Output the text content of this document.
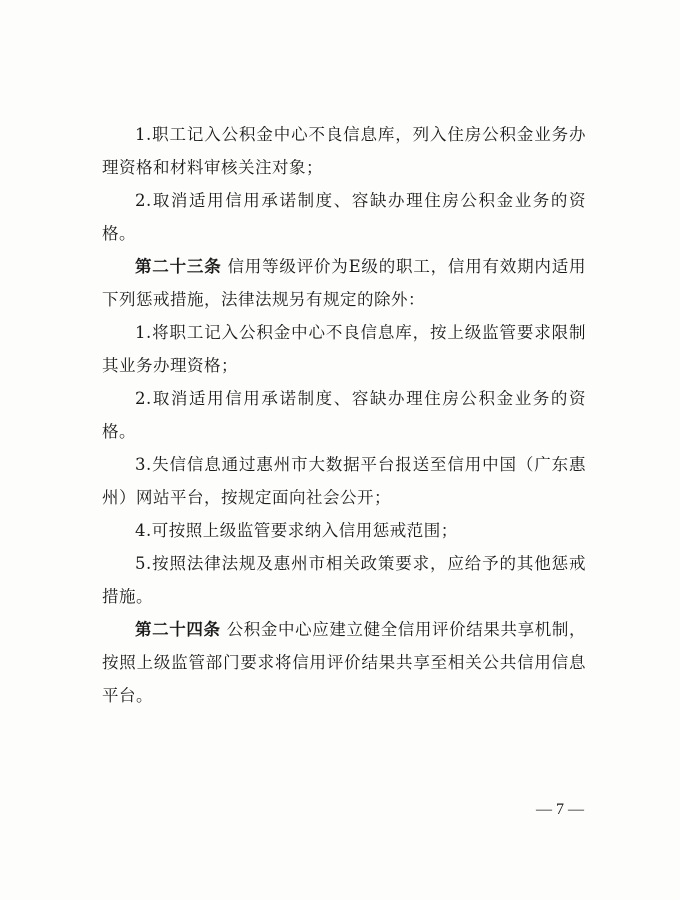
1.职工记入公积金中心不良信息库，列入住房公积金业务办理资格和材料审核关注对象；

2.取消适用信用承诺制度、容缺办理住房公积金业务的资格。

第二十三条 信用等级评价为E级的职工，信用有效期内适用下列惩戒措施，法律法规另有规定的除外：

1.将职工记入公积金中心不良信息库，按上级监管要求限制其业务办理资格；

2.取消适用信用承诺制度、容缺办理住房公积金业务的资格。

3.失信信息通过惠州市大数据平台报送至信用中国（广东惠州）网站平台，按规定面向社会公开；

4.可按照上级监管要求纳入信用惩戒范围；

5.按照法律法规及惠州市相关政策要求，应给予的其他惩戒措施。

第二十四条 公积金中心应建立健全信用评价结果共享机制，按照上级监管部门要求将信用评价结果共享至相关公共信用信息平台。

— 7 —
